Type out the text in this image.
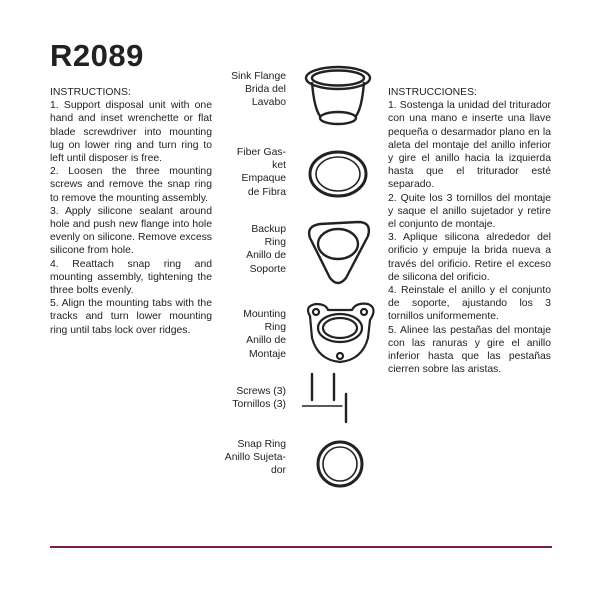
R2089

INSTRUCTIONS:

1. Support disposal unit with one hand and inset wrenchette or flat blade screwdriver into mounting lug on lower ring and turn ring to left until disposer is free.

2. Loosen the three mounting screws and remove the snap ring to remove the mounting assembly.

3. Apply silicone sealant around hole and push new flange into hole evenly on silicone. Remove excess silicone from hole.

4. Reattach snap ring and mounting assembly, tightening the three bolts evenly.

5. Align the mounting tabs with the tracks and turn lower mounting ring until tabs lock over ridges.

Sink Flange
Brida del
Lavabo
Fiber Gas-
ket
Empaque
de Fibra
Backup
Ring
Anillo de
Soporte
Mounting
Ring
Anillo de
Montaje
Screws (3)
Tornillos (3)
Snap Ring
Anillo Sujeta-
dor

INSTRUCCIONES:

1. Sostenga la unidad del triturador con una mano e inserte una llave pequeña o desarmador plano en la aleta del montaje del anillo inferior y gire el anillo hacia la izquierda hasta que el triturador esté separado.

2. Quite los 3 tornillos del montaje y saque el anillo sujetador y retire el conjunto de montaje.

3. Aplique silicona alrededor del orificio y empuje la brida nueva a través del orificio. Retire el exceso de silicona del orificio.

4. Reinstale el anillo y el conjunto de soporte, ajustando los 3 tornillos uniformemente.

5. Alinee las pestañas del montaje con las ranuras y gire el anillo inferior hasta que las pestañas cierren sobre las aristas.
